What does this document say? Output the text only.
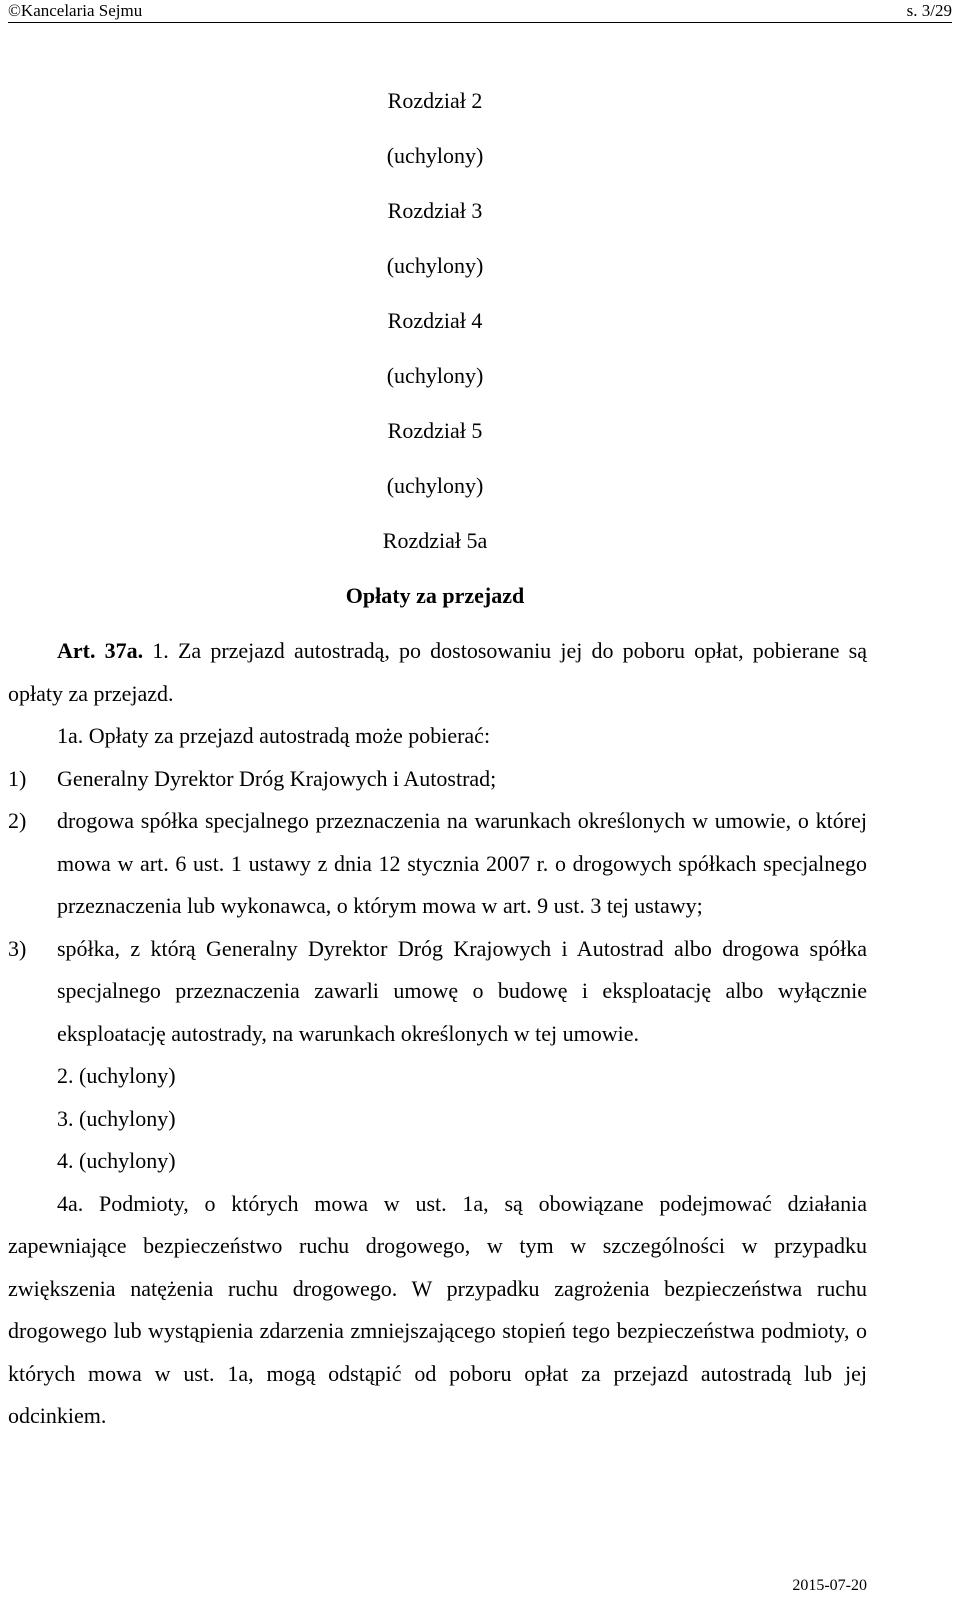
©Kancelaria Sejmu	s. 3/29
Rozdział 2
(uchylony)
Rozdział 3
(uchylony)
Rozdział 4
(uchylony)
Rozdział 5
(uchylony)
Rozdział 5a
Opłaty za przejazd

Art. 37a. 1. Za przejazd autostradą, po dostosowaniu jej do poboru opłat, pobierane są opłaty za przejazd.

1a. Opłaty za przejazd autostradą może pobierać:

1) Generalny Dyrektor Dróg Krajowych i Autostrad;

2) drogowa spółka specjalnego przeznaczenia na warunkach określonych w umowie, o której mowa w art. 6 ust. 1 ustawy z dnia 12 stycznia 2007 r. o drogowych spółkach specjalnego przeznaczenia lub wykonawca, o którym mowa w art. 9 ust. 3 tej ustawy;

3) spółka, z którą Generalny Dyrektor Dróg Krajowych i Autostrad albo drogowa spółka specjalnego przeznaczenia zawarli umowę o budowę i eksploatację albo wyłącznie eksploatację autostrady, na warunkach określonych w tej umowie.

2. (uchylony)

3. (uchylony)

4. (uchylony)

4a. Podmioty, o których mowa w ust. 1a, są obowiązane podejmować działania zapewniające bezpieczeństwo ruchu drogowego, w tym w szczególności w przypadku zwiększenia natężenia ruchu drogowego. W przypadku zagrożenia bezpieczeństwa ruchu drogowego lub wystąpienia zdarzenia zmniejszającego stopień tego bezpieczeństwa podmioty, o których mowa w ust. 1a, mogą odstąpić od poboru opłat za przejazd autostradą lub jej odcinkiem.

2015-07-20
